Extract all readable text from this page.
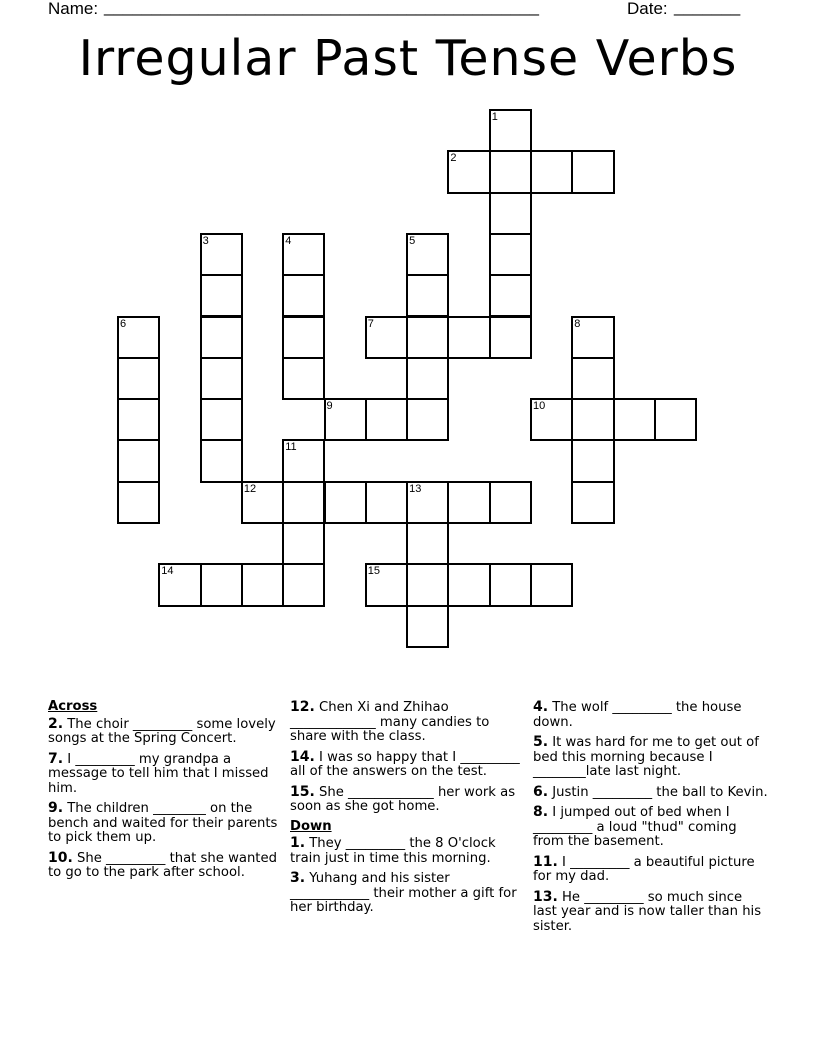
Name: ______________________________________________	Date: _______
Irregular Past Tense Verbs
1
2
3	4	5
6	7	8
9	10
11
12	13
14	15
Across
2. The choir _________ some lovely songs at the Spring Concert.
7. I _________ my grandpa a message to tell him that I missed him.
9. The children ________ on the bench and waited for their parents to pick them up.
10. She _________ that she wanted to go to the park after school.
12. Chen Xi and Zhihao _____________ many candies to share with the class.
14. I was so happy that I _________ all of the answers on the test.
15. She _____________ her work as soon as she got home.
Down
1. They _________ the 8 O'clock train just in time this morning.
3. Yuhang and his sister ____________ their mother a gift for her birthday.
4. The wolf _________ the house down.
5. It was hard for me to get out of bed this morning because I ________late last night.
6. Justin _________ the ball to Kevin.
8. I jumped out of bed when I _________ a loud "thud" coming from the basement.
11. I _________ a beautiful picture for my dad.
13. He _________ so much since last year and is now taller than his sister.
